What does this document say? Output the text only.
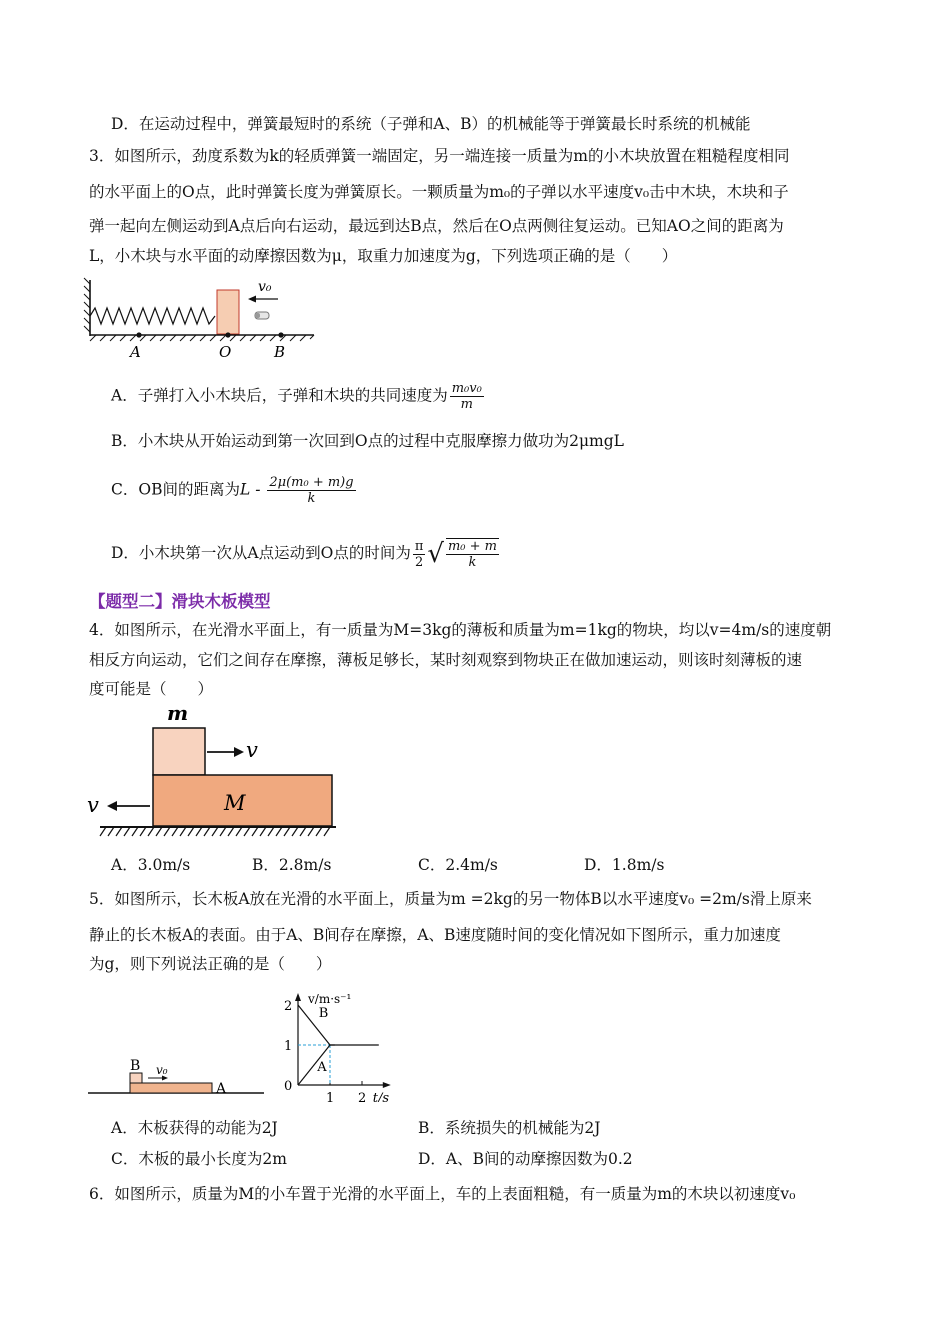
D．在运动过程中，弹簧最短时的系统（子弹和A、B）的机械能等于弹簧最长时系统的机械能
3．如图所示，劲度系数为k的轻质弹簧一端固定，另一端连接一质量为m的小木块放置在粗糙程度相同
的水平面上的O点，此时弹簧长度为弹簧原长。一颗质量为m₀的子弹以水平速度v₀击中木块，木块和子
弹一起向左侧运动到A点后向右运动，最远到达B点，然后在O点两侧往复运动。已知AO之间的距离为
L，小木块与水平面的动摩擦因数为μ，取重力加速度为g，下列选项正确的是（　　）
v₀
A	O	B
A．子弹打入小木块后，子弹和木块的共同速度为 $\frac{\text{m₀v₀}}{m}$
B．小木块从开始运动到第一次回到O点的过程中克服摩擦力做功为2μmgL
C．OB间的距离为L - $\frac{\text{2μ(m₀ + m)g}}{k}$
D．小木块第一次从A点运动到O点的时间为 $\frac{\pi}{2}$ √ $\frac{\text{m₀ + m}}{k}$
【题型二】滑块木板模型
4．如图所示，在光滑水平面上，有一质量为M=3kg的薄板和质量为m=1kg的物块，均以v=4m/s的速度朝
相反方向运动，它们之间存在摩擦，薄板足够长，某时刻观察到物块正在做加速运动，则该时刻薄板的速
度可能是（　　）
m
M
v
v
A．3.0m/s	B．2.8m/s	C．2.4m/s	D．1.8m/s
5．如图所示，长木板A放在光滑的水平面上，质量为m =2kg的另一物体B以水平速度v₀ =2m/s滑上原来
静止的长木板A的表面。由于A、B间存在摩擦，A、B速度随时间的变化情况如下图所示，重力加速度
为g，则下列说法正确的是（　　）
B
A
v₀
t/s
v/m·s⁻¹
1 2
0
1
2 B
A
A．木板获得的动能为2J	B．系统损失的机械能为2J
C．木板的最小长度为2m	D．A、B间的动摩擦因数为0.2
6．如图所示，质量为M的小车置于光滑的水平面上，车的上表面粗糙，有一质量为m的木块以初速度v₀
